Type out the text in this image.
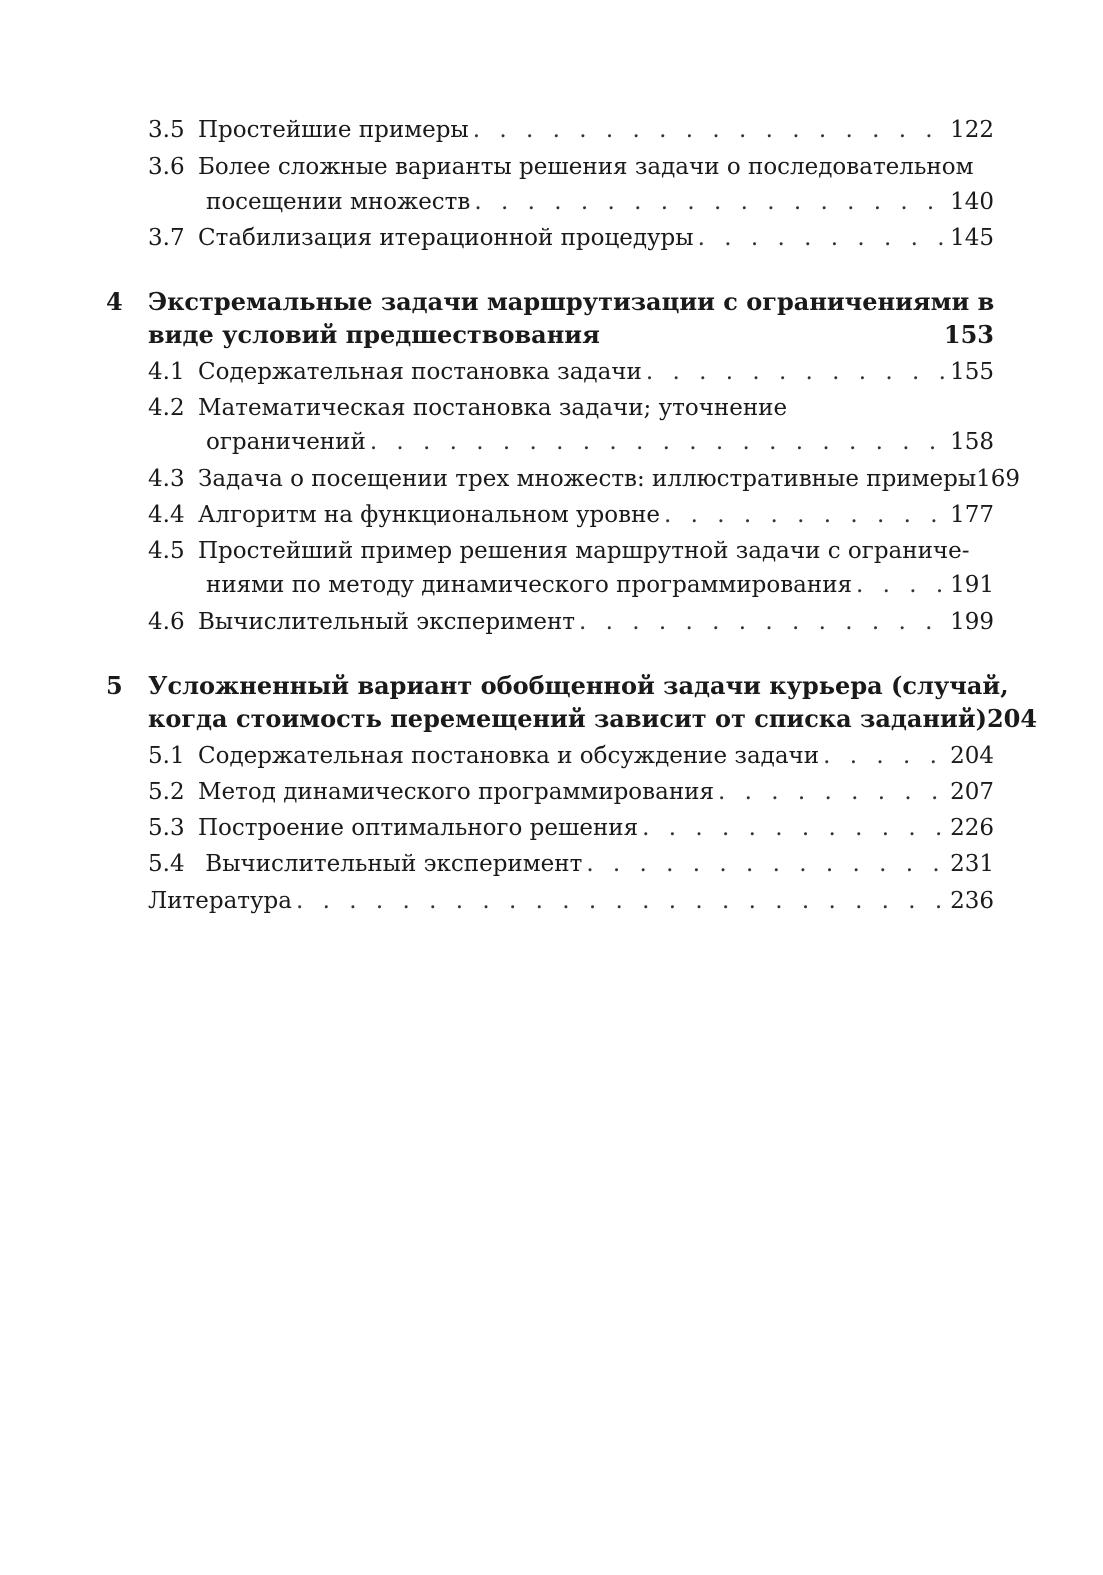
3.5 Простейшие примеры . . .	122
3.6 Более сложные варианты решения задачи о последовательном
посещении множеств . . .	140
3.7 Стабилизация итерационной процедуры . . .	145
4	Экстремальные задачи маршрутизации с ограничениями в
виде условий предшествования	153
4.1 Содержательная постановка задачи . . .	155
4.2 Математическая постановка задачи; уточнение
ограничений . . .	158
4.3 Задача о посещении трех множеств: иллюстративные примеры 169
4.4 Алгоритм на функциональном уровне . . .	177
4.5 Простейший пример решения маршрутной задачи с ограниче-
ниями по методу динамического программирования . . .	191
4.6 Вычислительный эксперимент . . .	199
5	Усложненный вариант обобщенной задачи курьера (случай,
когда стоимость перемещений зависит от списка заданий) 204
5.1 Содержательная постановка и обсуждение задачи . . .	204
5.2 Метод динамического программирования . . .	207
5.3 Построение оптимального решения . . .	226
5.4 Вычислительный эксперимент . . .	231
Литература . . .	236
